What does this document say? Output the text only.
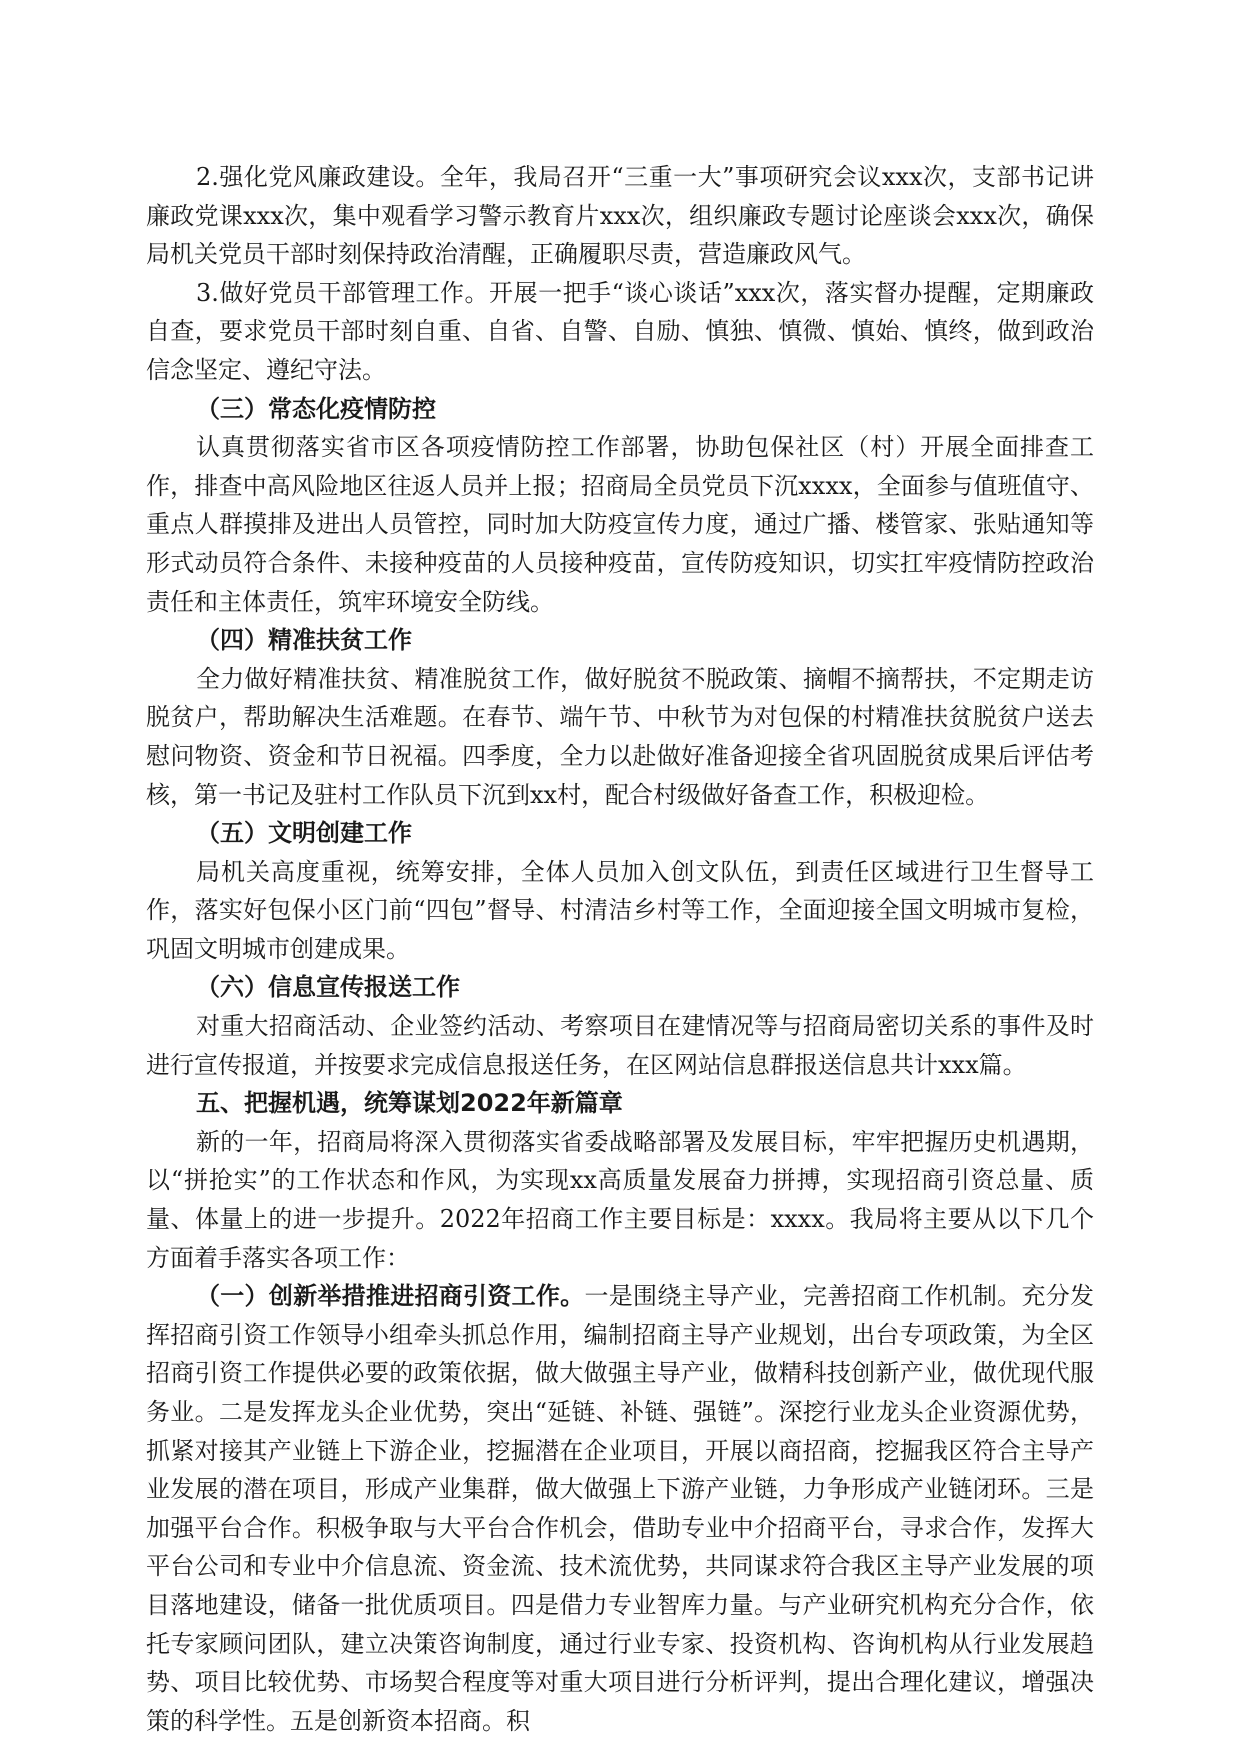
2.强化党风廉政建设。全年，我局召开“三重一大”事项研究会议xxx次，支部书记讲廉政党课xxx次，集中观看学习警示教育片xxx次，组织廉政专题讨论座谈会xxx次，确保局机关党员干部时刻保持政治清醒，正确履职尽责，营造廉政风气。

3.做好党员干部管理工作。开展一把手“谈心谈话”xxx次，落实督办提醒，定期廉政自查，要求党员干部时刻自重、自省、自警、自励、慎独、慎微、慎始、慎终，做到政治信念坚定、遵纪守法。

（三）常态化疫情防控

认真贯彻落实省市区各项疫情防控工作部署，协助包保社区（村）开展全面排查工作，排查中高风险地区往返人员并上报；招商局全员党员下沉xxxx，全面参与值班值守、重点人群摸排及进出人员管控，同时加大防疫宣传力度，通过广播、楼管家、张贴通知等形式动员符合条件、未接种疫苗的人员接种疫苗，宣传防疫知识，切实扛牢疫情防控政治责任和主体责任，筑牢环境安全防线。

（四）精准扶贫工作

全力做好精准扶贫、精准脱贫工作，做好脱贫不脱政策、摘帽不摘帮扶，不定期走访脱贫户，帮助解决生活难题。在春节、端午节、中秋节为对包保的村精准扶贫脱贫户送去慰问物资、资金和节日祝福。四季度，全力以赴做好准备迎接全省巩固脱贫成果后评估考核，第一书记及驻村工作队员下沉到xx村，配合村级做好备查工作，积极迎检。

（五）文明创建工作

局机关高度重视，统筹安排，全体人员加入创文队伍，到责任区域进行卫生督导工作，落实好包保小区门前“四包”督导、村清洁乡村等工作，全面迎接全国文明城市复检，巩固文明城市创建成果。

（六）信息宣传报送工作

对重大招商活动、企业签约活动、考察项目在建情况等与招商局密切关系的事件及时进行宣传报道，并按要求完成信息报送任务，在区网站信息群报送信息共计xxx篇。

五、把握机遇，统筹谋划2022年新篇章

新的一年，招商局将深入贯彻落实省委战略部署及发展目标，牢牢把握历史机遇期，以“拼抢实”的工作状态和作风，为实现xx高质量发展奋力拼搏，实现招商引资总量、质量、体量上的进一步提升。2022年招商工作主要目标是：xxxx。我局将主要从以下几个方面着手落实各项工作：

（一）创新举措推进招商引资工作。一是围绕主导产业，完善招商工作机制。充分发挥招商引资工作领导小组牵头抓总作用，编制招商主导产业规划，出台专项政策，为全区招商引资工作提供必要的政策依据，做大做强主导产业，做精科技创新产业，做优现代服务业。二是发挥龙头企业优势，突出“延链、补链、强链”。深挖行业龙头企业资源优势，抓紧对接其产业链上下游企业，挖掘潜在企业项目，开展以商招商，挖掘我区符合主导产业发展的潜在项目，形成产业集群，做大做强上下游产业链，力争形成产业链闭环。三是加强平台合作。积极争取与大平台合作机会，借助专业中介招商平台，寻求合作，发挥大平台公司和专业中介信息流、资金流、技术流优势，共同谋求符合我区主导产业发展的项目落地建设，储备一批优质项目。四是借力专业智库力量。与产业研究机构充分合作，依托专家顾问团队，建立决策咨询制度，通过行业专家、投资机构、咨询机构从行业发展趋势、项目比较优势、市场契合程度等对重大项目进行分析评判，提出合理化建议，增强决策的科学性。五是创新资本招商。积
